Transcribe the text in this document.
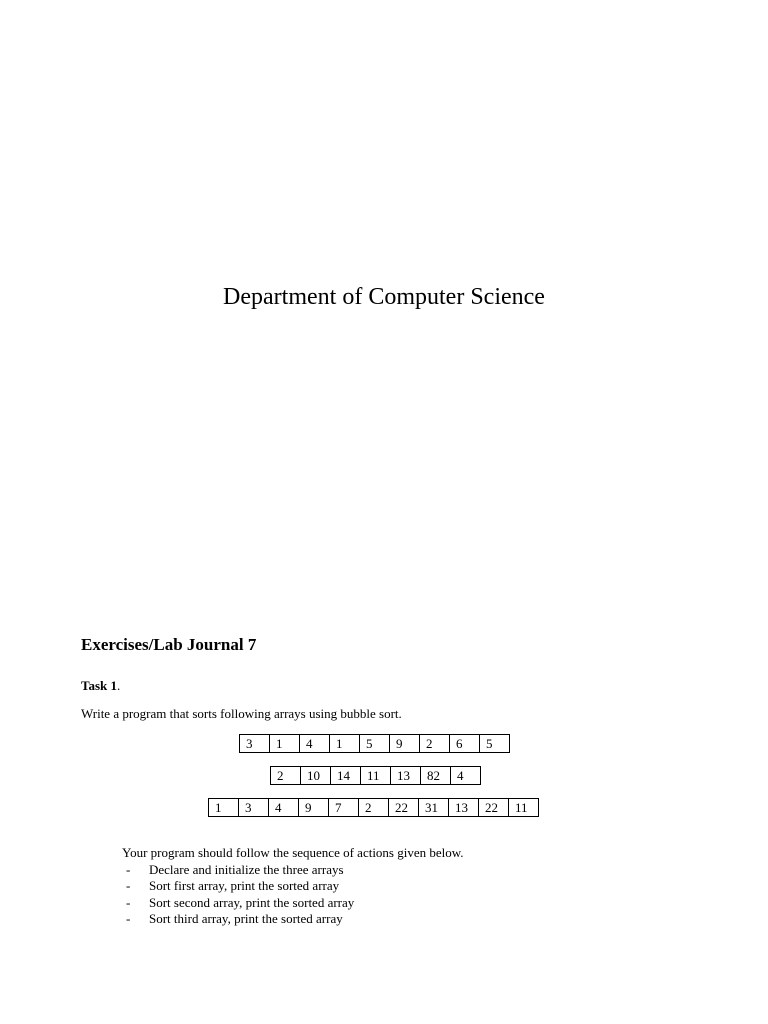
Department of Computer Science
Exercises/Lab Journal 7
Task 1.
Write a program that sorts following arrays using bubble sort.
3	1	4	1	5	9	2	6	5
2	10	14	11	13	82	4
1	3	4	9	7	2	22	31	13	22	11
Your program should follow the sequence of actions given below.
-	Declare and initialize the three arrays
-	Sort first array, print the sorted array
-	Sort second array, print the sorted array
-	Sort third array, print the sorted array
